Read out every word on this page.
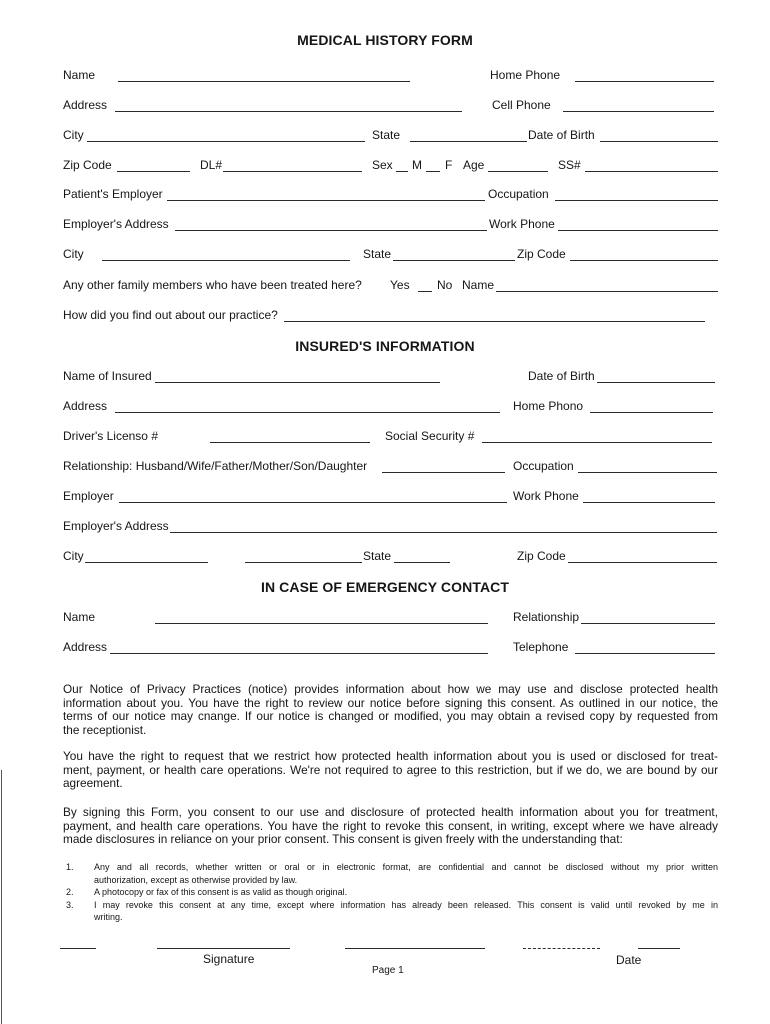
MEDICAL HISTORY FORM
Name	Home Phone
Address	Cell Phone
City	State	Date of Birth
Zip Code	DL#	Sex M F Age	SS#
Patient's Employer	Occupation
Employer's Address	Work Phone
City	State	Zip Code
Any other family members who have been treated here? Yes No Name
How did you find out about our practice?
INSURED'S INFORMATION
Name of Insured	Date of Birth
Address	Home Phono
Driver's Licenso #	Social Security #
Relationship: Husband/Wife/Father/Mother/Son/Daughter	Occupation
Employer	Work Phone
Employer's Address
City	State	Zip Code
IN CASE OF EMERGENCY CONTACT
Name	Relationship
Address	Telephone
Our Notice of Privacy Practices (notice) provides information about how we may use and disclose protected health
information about you. You have the right to review our notice before signing this consent. As outlined in our notice, the
terms of our notice may cnange. If our notice is changed or modified, you may obtain a revised copy by requested from
the receptionist.
You have the right to request that we restrict how protected health information about you is used or disclosed for treat-
ment, payment, or health care operations. We're not required to agree to this restriction, but if we do, we are bound by our
agreement.
By signing this Form, you consent to our use and disclosure of protected health information about you for treatment,
payment, and health care operations. You have the right to revoke this consent, in writing, except where we have already
made disclosures in reliance on your prior consent. This consent is given freely with the understanding that:
1. Any and all records, whether written or oral or in electronic format, are confidential and cannot be disclosed without my prior written
authorization, except as otherwise provided by law.
2. A photocopy or fax of this consent is as valid as though original.
3. I may revoke this consent at any time, except where information has already been released. This consent is valid until revoked by me in
writing.
Signature	Date
Page 1
